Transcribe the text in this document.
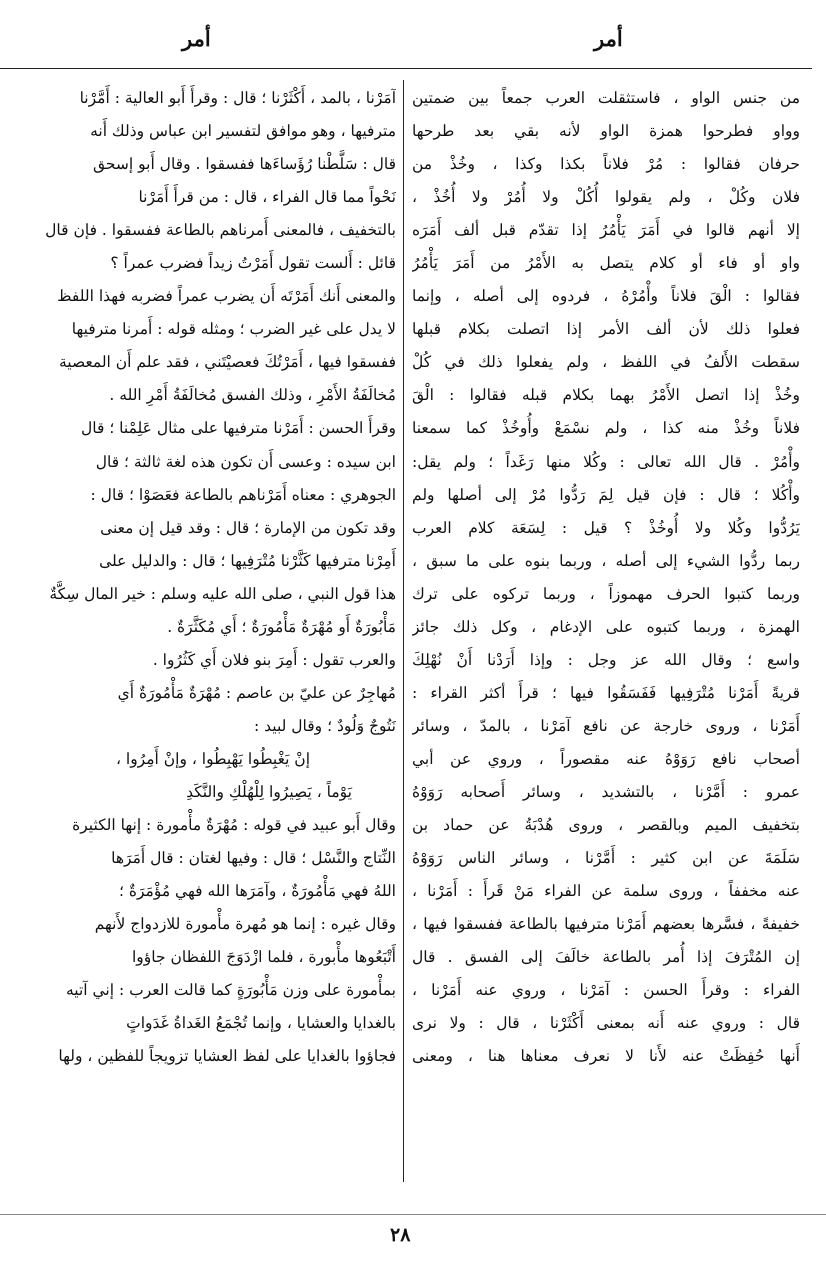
أمر	أمر
من جنس الواو ، فاستثقلت العرب جمعاً بين ضمتين
وواو فطرحوا همزة الواو لأنه بقي بعد طرحها
حرفان فقالوا : مُرْ فلاناً بكذا وكذا ، وخُذْ من
فلان وكُلْ ، ولم يقولوا أُكُلْ ولا أُمُرْ ولا أُخُذْ ،
إلا أنهم قالوا في أَمَرَ يَأْمُرُ إذا تقدّم قبل ألف أَمَرَه
واو أو فاء أو كلام يتصل به الأَمْرُ من أَمَرَ يَأْمُرُ
فقالوا : الْقَ فلاناً وأْمُرْهُ ، فردوه إلى أصله ، وإنما
فعلوا ذلك لأن ألف الأمر إذا اتصلت بكلام قبلها
سقطت الأَلفُ في اللفظ ، ولم يفعلوا ذلك في كُلْ
وخُذْ إذا اتصل الأَمْرُ بهما بكلام قبله فقالوا : الْقَ
فلاناً وخُذْ منه كذا ، ولم نسْمَعْ وأُوخُذْ كما سمعنا
وأْمُرْ . قال الله تعالى : وكُلا منها رَغَداً ؛ ولم يقل:
وأْكُلا ؛ قال : فإن قيل لِمَ رَدُّوا مُرْ إلى أصلها ولم
يَرُدُّوا وكُلا ولا أُوخُذْ ؟ قيل : لِسَعَة كلام العرب
ربما ردُّوا الشيء إلى أصله ، وربما بنوه على ما سبق ،
وربما كتبوا الحرف مهموزاً ، وربما تركوه على ترك
الهمزة ، وربما كتبوه على الإدغام ، وكل ذلك جائز
واسع ؛ وقال الله عز وجل : وإذا أَرَدْنا أَنْ نُهْلِكَ
قريةً أَمَرْنا مُتْرَفِيها فَفَسَقُوا فيها ؛ قرأَ أكثر القراء :
أَمَرْنا ، وروى خارجة عن نافع آمَرْنا ، بالمدّ ، وسائر
أصحاب نافع رَوَوْهُ عنه مقصوراً ، وروي عن أبي
عمرو : أَمَّرْنا ، بالتشديد ، وسائر أَصحابه رَوَوْهُ
بتخفيف الميم وبالقصر ، وروى هُدْبَةُ عن حماد بن
سَلَمَةَ عن ابن كثير : أَمَّرْنا ، وسائر الناس رَوَوْهُ
عنه مخففاً ، وروى سلمة عن الفراء مَنْ قَرأَ : أَمَرْنا ،
خفيفةً ، فسَّرها بعضهم أَمَرْنا مترفيها بالطاعة ففسقوا فيها ،
إن المُتْرَفَ إذا أُمر بالطاعة خالَفَ إلى الفسق . قال
الفراء : وقرأَ الحسن : آمَرْنا ، وروي عنه أَمَرْنا ،
قال : وروي عنه أَنه بمعنى أَكْثَرْنا ، قال : ولا نرى
أَنها حُفِظَتْ عنه لأَنا لا نعرف معناها هنا ، ومعنى
آمَرْنا ، بالمد ، أَكْثَرْنا ؛ قال : وقرأَ أَبو العالية : أَمَّرْنا
مترفيها ، وهو موافق لتفسير ابن عباس وذلك أَنه
قال : سَلَّطْنا رُؤَساءَها ففسقوا . وقال أَبو إسحق
نَحْواً مما قال الفراء ، قال : من قرأَ أَمَرْنا
بالتخفيف ، فالمعنى أَمرناهم بالطاعة ففسقوا . فإن قال
قائل : أَلست تقول أَمَرْتُ زيداً فضرب عمراً ؟
والمعنى أَنك أَمَرْتَه أَن يضرب عمراً فضربه فهذا اللفظ
لا يدل على غير الضرب ؛ ومثله قوله : أَمرنا مترفيها
ففسقوا فيها ، أَمَرْتُكَ فعصيْتَني ، فقد علم أَن المعصية
مُخالَفَةُ الأَمْرِ ، وذلك الفسق مُخالَفَةُ أَمْرِ الله .
وقرأَ الحسن : أَمَرْنا مترفيها على مثال عَلِمْنا ؛ قال
ابن سيده : وعسى أَن تكون هذه لغة ثالثة ؛ قال
الجوهري : معناه أَمَرْناهم بالطاعة فعَصَوْا ؛ قال :
وقد تكون من الإمارة ؛ قال : وقد قيل إن معنى
أَمِرْنا مترفيها كَثَّرْنا مُتْرَفِيها ؛ قال : والدليل على
هذا قول النبي ، صلى الله عليه وسلم : خير المال سِكَّةٌ
مَأْبُورَةٌ أَو مُهْرَةٌ مَأْمُورَةٌ ؛ أَي مُكَثَّرَةٌ .
والعرب تقول : أَمِرَ بنو فلان أَي كَثُرُوا .
مُهاجِرٌ عن عليّ بن عاصم : مُهْرَةٌ مَأْمُورَةٌ أَي
نَتُوجٌ وَلُودٌ ؛ وقال لبيد :
إنْ يَغْبِطُوا يَهْبِطُوا ، وإنْ أَمِرُوا ،
يَوْماً ، يَصِيرُوا لِلْهُلْكِ والنَّكَدِ
وقال أَبو عبيد في قوله : مُهْرَةٌ مأْمورة : إنها الكثيرة
النِّتاج والنَّسْل ؛ قال : وفيها لغتان : قال أَمَرَها
اللهُ فهي مَأْمُورَةٌ ، وآمَرَها الله فهي مُؤْمَرَةٌ ؛
وقال غيره : إنما هو مُهرة مأْمورة للازدواج لأَنهم
أَتْبَعُوها مأْبورة ، فلما ازْدَوَجَ اللفظان جاؤوا
بمأْمورة على وزن مَأْبُورَةٍ كما قالت العرب : إني آتيه
بالغدايا والعشايا ، وإنما تُجْمَعُ الغَداةُ غَدَواتٍ
فجاؤوا بالغدايا على لفظ العشايا تزويجاً للفظين ، ولها
٢٨
